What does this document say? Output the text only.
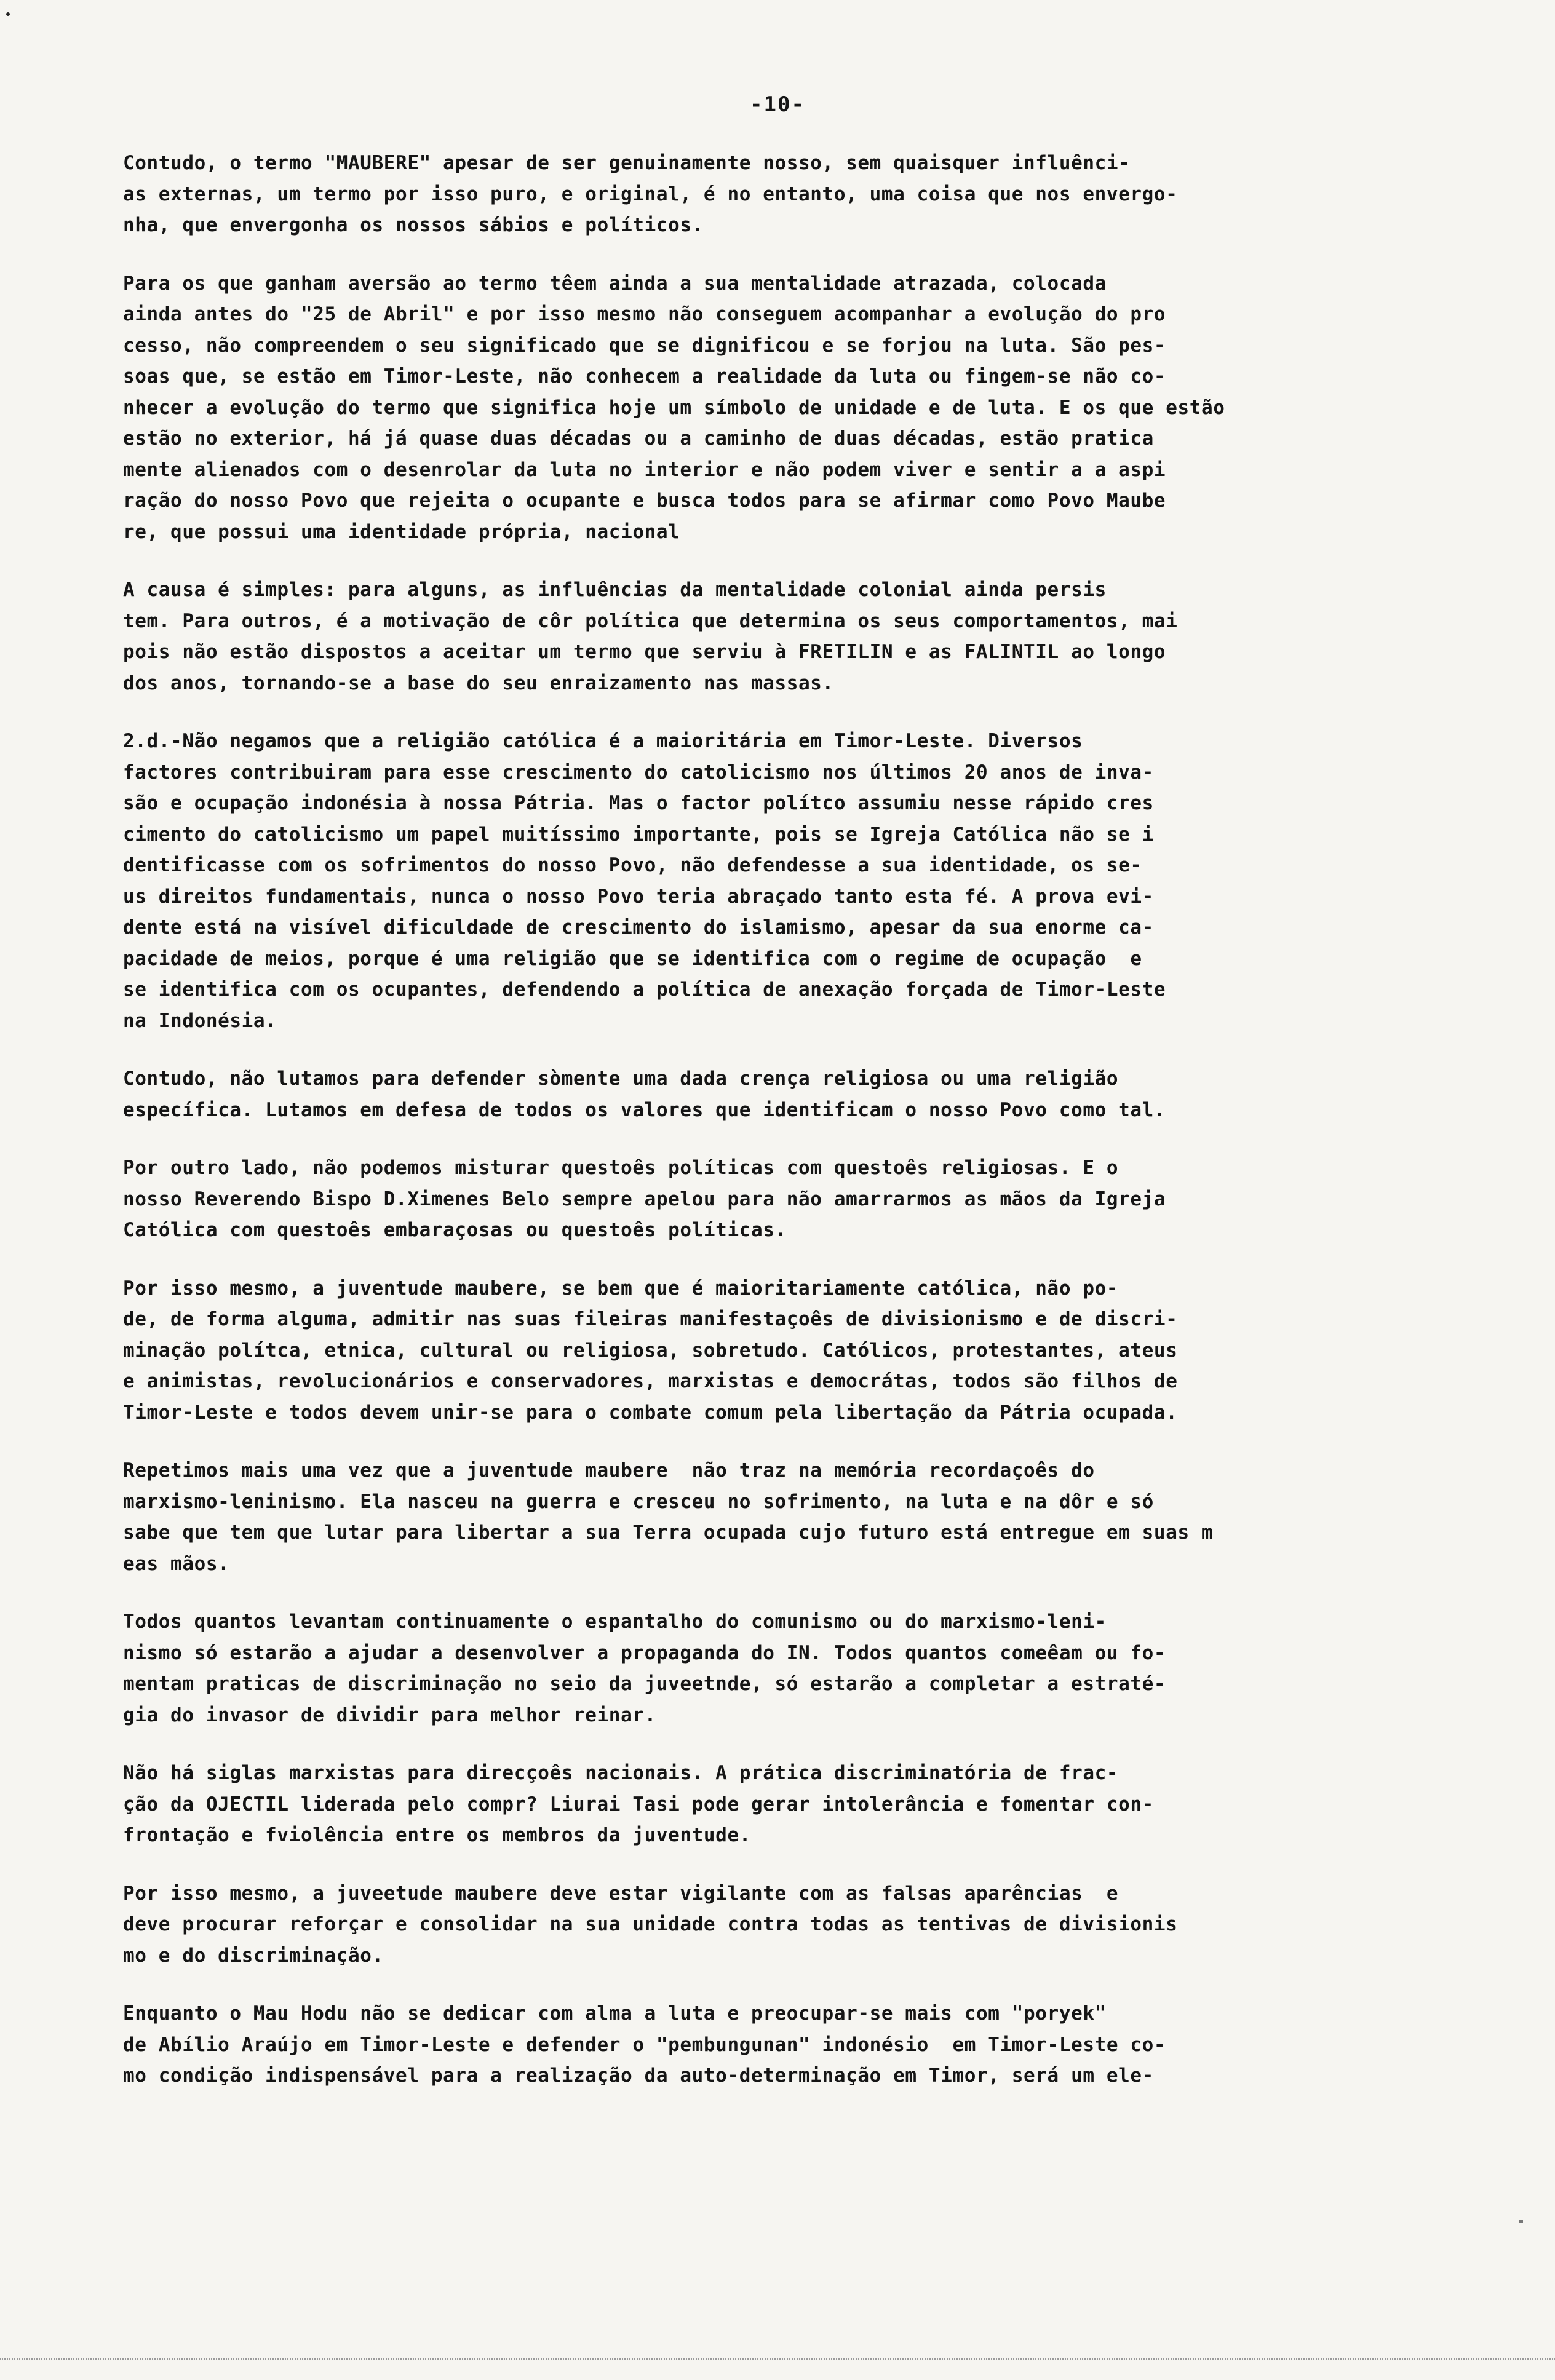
-10-

Contudo, o termo "MAUBERE" apesar de ser genuinamente nosso, sem quaisquer influênci-
as externas, um termo por isso puro, e original, é no entanto, uma coisa que nos envergo-
nha, que envergonha os nossos sábios e políticos.

Para os que ganham aversão ao termo têem ainda a sua mentalidade atrazada, colocada
ainda antes do "25 de Abril" e por isso mesmo não conseguem acompanhar a evolução do pro
cesso, não compreendem o seu significado que se dignificou e se forjou na luta. São pes-
soas que, se estão em Timor-Leste, não conhecem a realidade da luta ou fingem-se não co-
nhecer a evolução do termo que significa hoje um símbolo de unidade e de luta. E os que estão
estão no exterior, há já quase duas décadas ou a caminho de duas décadas, estão pratica
mente alienados com o desenrolar da luta no interior e não podem viver e sentir a a aspi
ração do nosso Povo que rejeita o ocupante e busca todos para se afirmar como Povo Maube
re, que possui uma identidade própria, nacional

A causa é simples: para alguns, as influências da mentalidade colonial ainda persis
tem. Para outros, é a motivação de côr política que determina os seus comportamentos, mai
pois não estão dispostos a aceitar um termo que serviu à FRETILIN e as FALINTIL ao longo
dos anos, tornando-se a base do seu enraizamento nas massas.

2.d.-Não negamos que a religião católica é a maioritária em Timor-Leste. Diversos
factores contribuiram para esse crescimento do catolicismo nos últimos 20 anos de inva-
são e ocupação indonésia à nossa Pátria. Mas o factor polítco assumiu nesse rápido cres
cimento do catolicismo um papel muitíssimo importante, pois se Igreja Católica não se i
dentificasse com os sofrimentos do nosso Povo, não defendesse a sua identidade, os se-
us direitos fundamentais, nunca o nosso Povo teria abraçado tanto esta fé. A prova evi-
dente está na visível dificuldade de crescimento do islamismo, apesar da sua enorme ca-
pacidade de meios, porque é uma religião que se identifica com o regime de ocupação  e
se identifica com os ocupantes, defendendo a política de anexação forçada de Timor-Leste
na Indonésia.

Contudo, não lutamos para defender sòmente uma dada crença religiosa ou uma religião
específica. Lutamos em defesa de todos os valores que identificam o nosso Povo como tal.

Por outro lado, não podemos misturar questoês políticas com questoês religiosas. E o
nosso Reverendo Bispo D.Ximenes Belo sempre apelou para não amarrarmos as mãos da Igreja
Católica com questoês embaraçosas ou questoês políticas.

Por isso mesmo, a juventude maubere, se bem que é maioritariamente católica, não po-
de, de forma alguma, admitir nas suas fileiras manifestaçoês de divisionismo e de discri-
minação polítca, etnica, cultural ou religiosa, sobretudo. Católicos, protestantes, ateus
e animistas, revolucionários e conservadores, marxistas e democrátas, todos são filhos de
Timor-Leste e todos devem unir-se para o combate comum pela libertação da Pátria ocupada.

Repetimos mais uma vez que a juventude maubere  não traz na memória recordaçoês do
marxismo-leninismo. Ela nasceu na guerra e cresceu no sofrimento, na luta e na dôr e só
sabe que tem que lutar para libertar a sua Terra ocupada cujo futuro está entregue em suas m
eas mãos.

Todos quantos levantam continuamente o espantalho do comunismo ou do marxismo-leni-
nismo só estarão a ajudar a desenvolver a propaganda do IN. Todos quantos comeêam ou fo-
mentam praticas de discriminação no seio da juveetnde, só estarão a completar a estraté-
gia do invasor de dividir para melhor reinar.

Não há siglas marxistas para direcçoês nacionais. A prática discriminatória de frac-
ção da OJECTIL liderada pelo compr? Liurai Tasi pode gerar intolerância e fomentar con-
frontação e fviolência entre os membros da juventude.

Por isso mesmo, a juveetude maubere deve estar vigilante com as falsas aparências  e
deve procurar reforçar e consolidar na sua unidade contra todas as tentivas de divisionis
mo e do discriminação.

Enquanto o Mau Hodu não se dedicar com alma a luta e preocupar-se mais com "poryek"
de Abílio Araújo em Timor-Leste e defender o "pembungunan" indonésio  em Timor-Leste co-
mo condição indispensável para a realização da auto-determinação em Timor, será um ele-
